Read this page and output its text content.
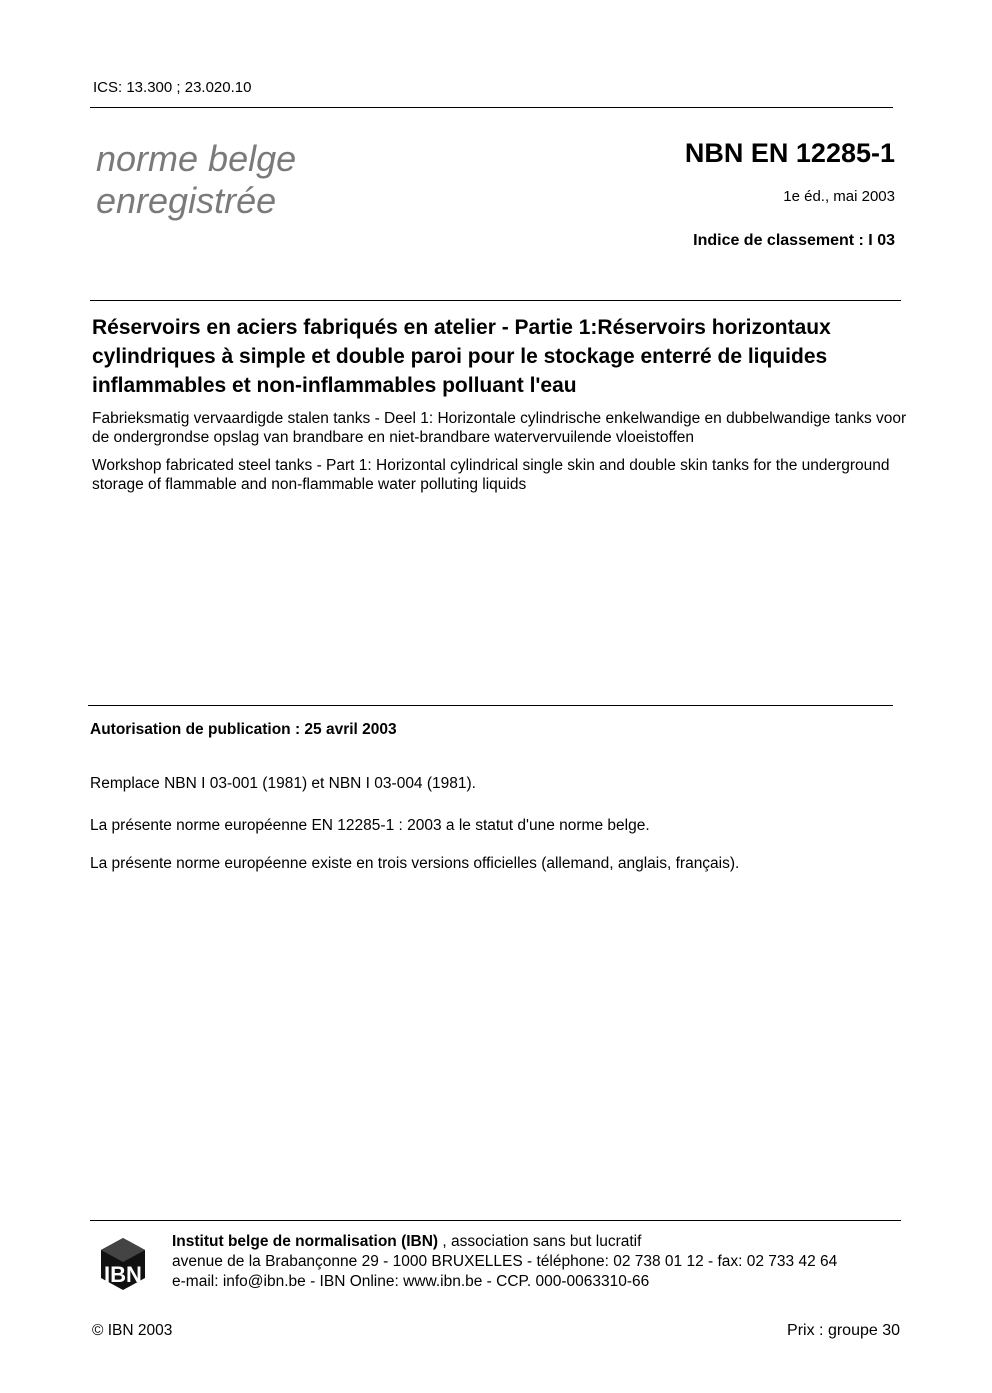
ICS: 13.300 ; 23.020.10
norme belge
enregistrée
NBN EN 12285-1
1e éd., mai 2003
Indice de classement : I 03
Réservoirs en aciers fabriqués en atelier - Partie 1:Réservoirs horizontaux cylindriques à simple et double paroi pour le stockage enterré de liquides inflammables et non-inflammables polluant l'eau
Fabrieksmatig vervaardigde stalen tanks - Deel 1: Horizontale cylindrische enkelwandige en dubbelwandige tanks voor de ondergrondse opslag van brandbare en niet-brandbare watervervuilende vloeistoffen
Workshop fabricated steel tanks - Part 1: Horizontal cylindrical single skin and double skin tanks for the underground storage of flammable and non-flammable water polluting liquids
Autorisation de publication : 25 avril 2003
Remplace NBN I 03-001 (1981) et NBN I 03-004 (1981).
La présente norme européenne EN 12285-1 : 2003 a le statut d'une norme belge.
La présente norme européenne existe en trois versions officielles (allemand, anglais, français).
IBN
Institut belge de normalisation (IBN) , association sans but lucratif
avenue de la Brabançonne 29 - 1000 BRUXELLES - téléphone: 02 738 01 12 - fax: 02 733 42 64
e-mail: info@ibn.be - IBN Online: www.ibn.be - CCP. 000-0063310-66
© IBN 2003	Prix : groupe 30
